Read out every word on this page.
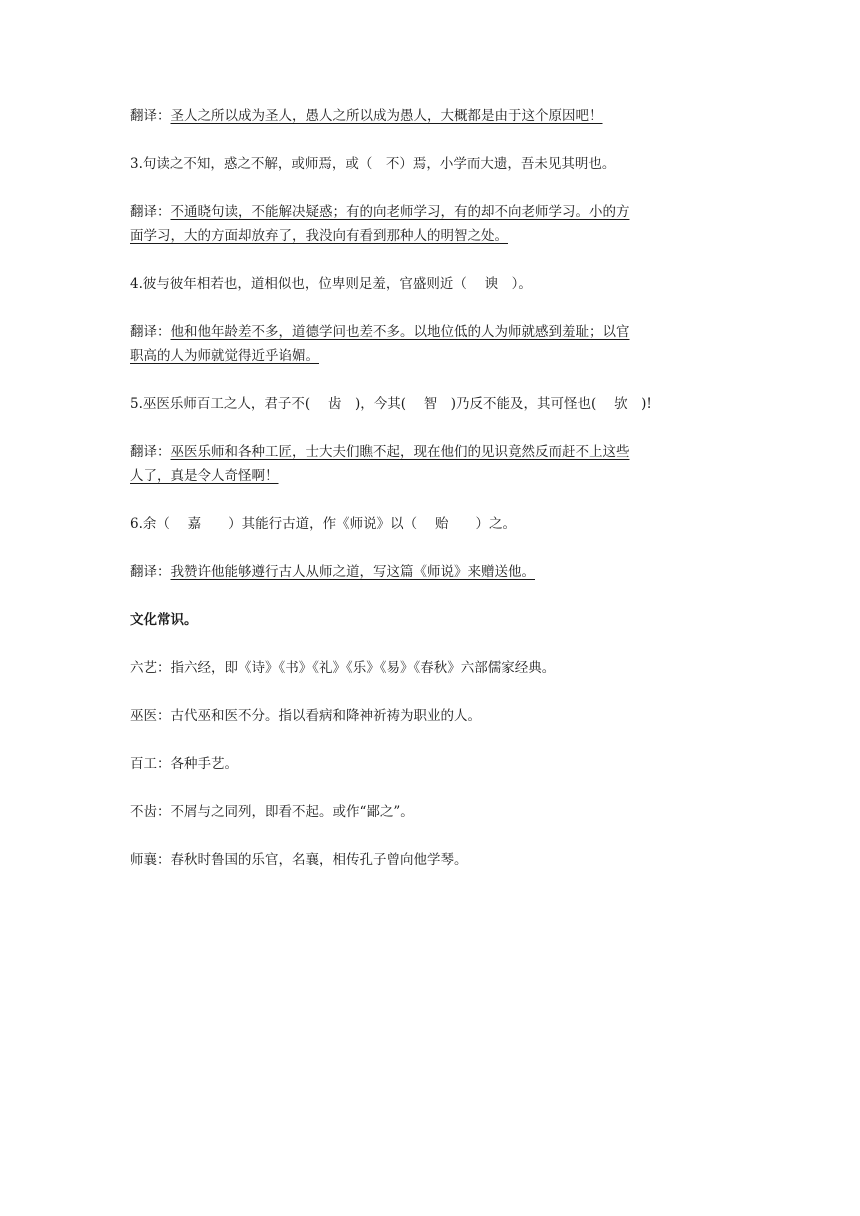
翻译：圣人之所以成为圣人，愚人之所以成为愚人，大概都是由于这个原因吧！
3.句读之不知，惑之不解，或师焉，或（　不）焉，小学而大遗，吾未见其明也。
翻译：不通晓句读，不能解决疑惑；有的向老师学习，有的却不向老师学习。小的方
面学习，大的方面却放弃了，我没向有看到那种人的明智之处。
4.彼与彼年相若也，道相似也，位卑则足羞，官盛则近（　 谀　）。
翻译：他和他年龄差不多，道德学问也差不多。以地位低的人为师就感到羞耻；以官
职高的人为师就觉得近乎谄媚。
5.巫医乐师百工之人，君子不(　 齿　)，今其(　 智　)乃反不能及，其可怪也(　 欤　)!
翻译：巫医乐师和各种工匠，士大夫们瞧不起，现在他们的见识竟然反而赶不上这些
人了，真是令人奇怪啊！
6.余（　 嘉　　）其能行古道，作《师说》以（　 贻　　）之。
翻译：我赞许他能够遵行古人从师之道，写这篇《师说》来赠送他。
文化常识。
六艺：指六经，即《诗》《书》《礼》《乐》《易》《春秋》六部儒家经典。
巫医：古代巫和医不分。指以看病和降神祈祷为职业的人。
百工：各种手艺。
不齿：不屑与之同列，即看不起。或作“鄙之”。
师襄：春秋时鲁国的乐官，名襄，相传孔子曾向他学琴。
